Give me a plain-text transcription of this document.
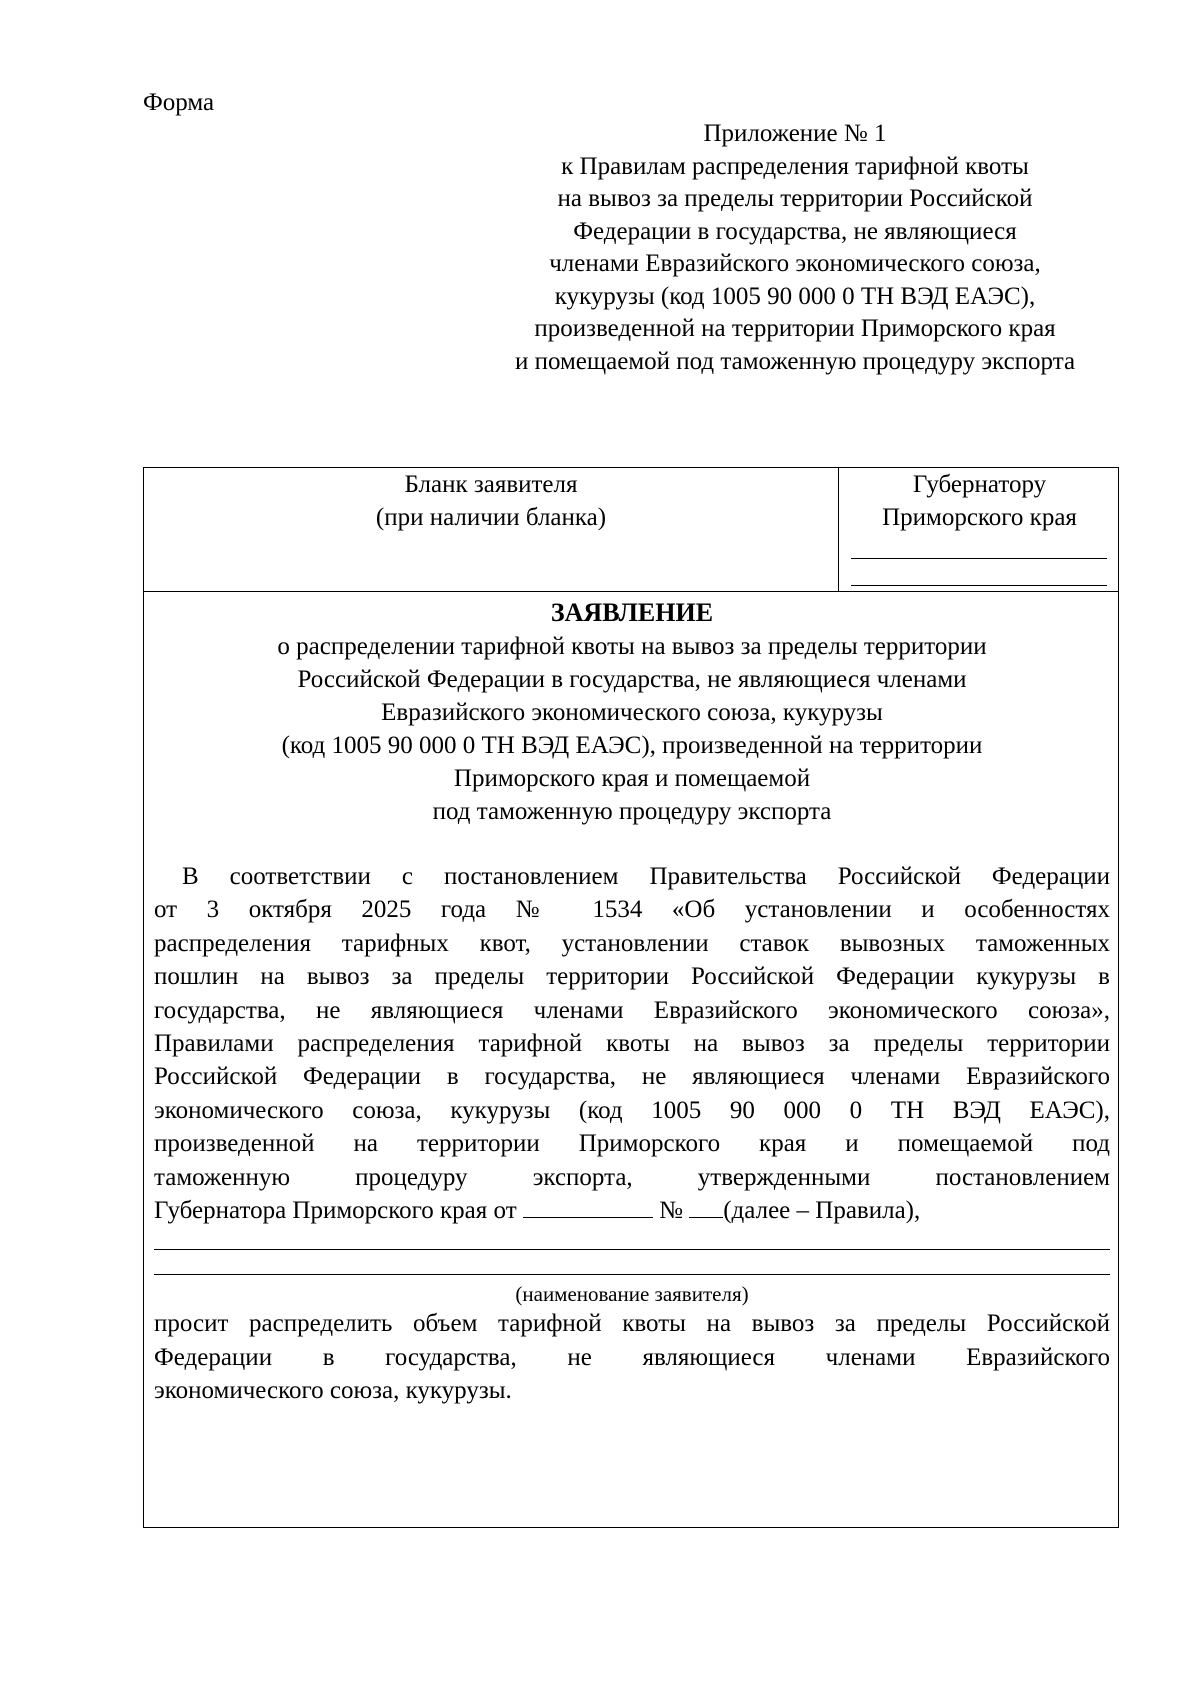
Форма
Приложение № 1
к Правилам распределения тарифной квоты
на вывоз за пределы территории Российской
Федерации в государства, не являющиеся
членами Евразийского экономического союза,
кукурузы (код 1005 90 000 0 ТН ВЭД ЕАЭС),
произведенной на территории Приморского края
и помещаемой под таможенную процедуру экспорта
Бланк заявителя
(при наличии бланка)
Губернатору
Приморского края
ЗАЯВЛЕНИЕ
о распределении тарифной квоты на вывоз за пределы территории
Российской Федерации в государства, не являющиеся членами
Евразийского экономического союза, кукурузы
(код 1005 90 000 0 ТН ВЭД ЕАЭС), произведенной на территории
Приморского края и помещаемой
под таможенную процедуру экспорта
В соответствии с постановлением Правительства Российской Федерации
от 3 октября 2025 года № 1534 «Об установлении и особенностях
распределения тарифных квот, установлении ставок вывозных таможенных
пошлин на вывоз за пределы территории Российской Федерации кукурузы в
государства, не являющиеся членами Евразийского экономического союза»,
Правилами распределения тарифной квоты на вывоз за пределы территории
Российской Федерации в государства, не являющиеся членами Евразийского
экономического союза, кукурузы (код 1005 90 000 0 ТН ВЭД ЕАЭС),
произведенной на территории Приморского края и помещаемой под
таможенную процедуру экспорта, утвержденными постановлением
Губернатора Приморского края от	№ (далее – Правила),
(наименование заявителя)
просит распределить объем тарифной квоты на вывоз за пределы Российской
Федерации в государства, не являющиеся членами Евразийского
экономического союза, кукурузы.
